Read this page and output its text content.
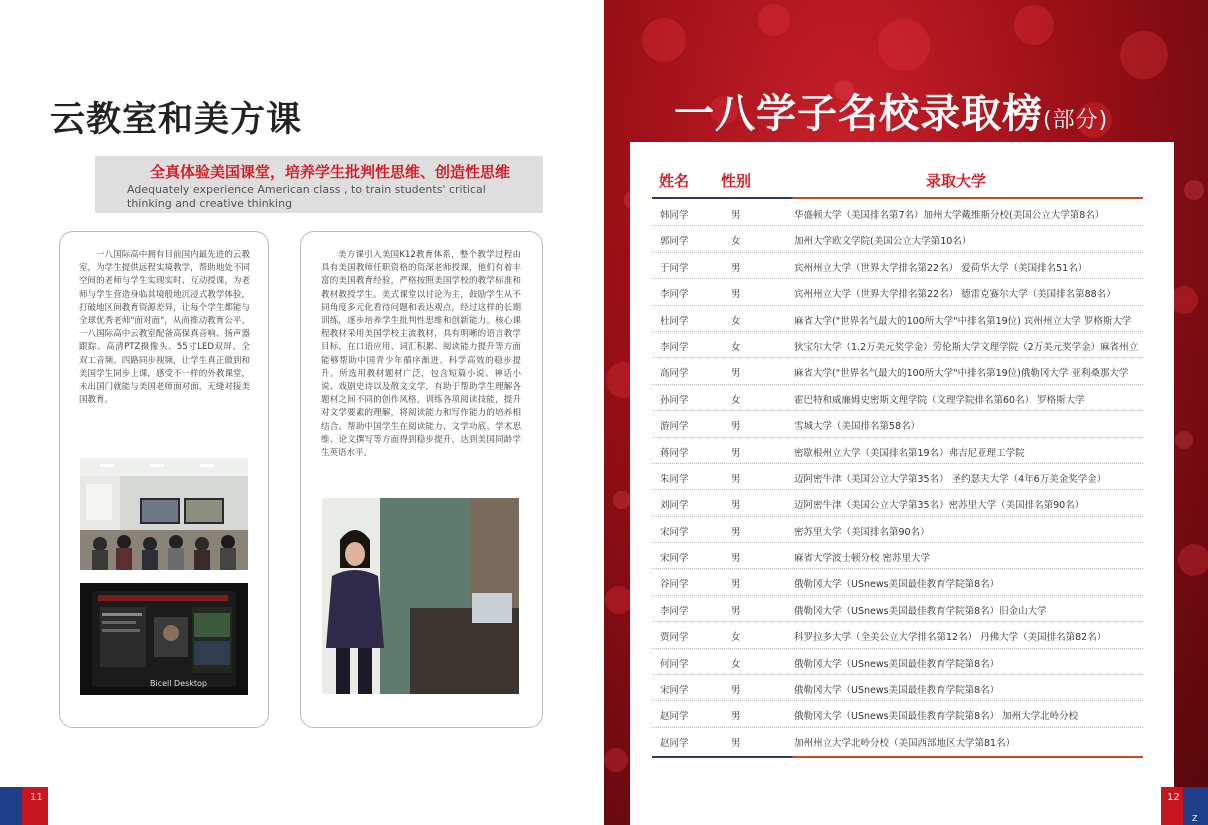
云教室和美方课
全真体验美国课堂，培养学生批判性思维、创造性思维
Adequately experience American class , to train students' critical thinking and creative thinking

一八国际高中拥有目前国内最先进的云教室，为学生提供远程实境教学，帮助地处不同空间的老师与学生实现实时、互动授课，为老师与学生营造身临其境般地沉浸式教学体验，打破地区间教育资源差异，让每个学生都能与全球优秀老师"面对面"，从而推动教育公平。一八国际高中云教室配备高保真音响、扬声器跟踪、高清PTZ摄像头、55寸LED双屏、全双工音频、四路同步视频，让学生真正做到和美国学生同步上课，感受不一样的外教课堂，未出国门就能与美国老师面对面，无缝对接美国教育。

美方课引入美国K12教育体系，整个教学过程由具有美国教师任职资格的资深老师授课，他们有着丰富的美国教育经验，严格按照美国学校的教学标准和教材教授学生。美式课堂以讨论为主，鼓励学生从不同角度多元化看待问题和表达观点，经过这样的长期训练，逐步培养学生批判性思维和创新能力。核心课程教材采用美国学校主流教材，具有明晰的语言教学目标，在口语应用、词汇积累、阅读能力提升等方面能够帮助中国青少年循序渐进、科学高效的稳步提升。所选用教材题材广泛，包含短篇小说、神话小说、戏剧史诗以及散文文学，有助于帮助学生理解各题材之间不同的创作风格，训练各项阅读技能，提升对文学要素的理解，将阅读能力和写作能力的培养相结合。帮助中国学生在阅读能力、文学功底、学术思维、论文撰写等方面得到稳步提升，达到美国同龄学生英语水平。

Bicell Desktop
11
一八学子名校录取榜(部分)
姓名 性别	录取大学
韩同学	男	华盛顿大学（美国排名第7名）加州大学戴维斯分校(美国公立大学第8名）
郭同学	女	加州大学欧文学院(美国公立大学第10名）
于同学	男	宾州州立大学（世界大学排名第22名） 爱荷华大学（美国排名51名）
李同学	男	宾州州立大学（世界大学排名第22名） 德雷克赛尔大学（美国排名第88名）
杜同学	女	麻省大学("世界名气最大的100所大学"中排名第19位) 宾州州立大学 罗格斯大学
李同学	女	狄宝尔大学（1.2万美元奖学金）劳伦斯大学文理学院（2万美元奖学金）麻省州立
高同学	男	麻省大学("世界名气最大的100所大学"中排名第19位)俄勒冈大学 亚利桑那大学
孙同学	女	霍巴特和威廉姆史密斯文理学院（文理学院排名第60名） 罗格斯大学
游同学	男	雪城大学（美国排名第58名）
蒋同学	男	密歇根州立大学（美国排名第19名）弗吉尼亚理工学院
朱同学	男	迈阿密牛津（美国公立大学第35名） 圣约瑟夫大学（4年6万美金奖学金）
刘同学	男	迈阿密牛津（美国公立大学第35名）密苏里大学（美国排名第90名）
宋同学	男	密苏里大学（美国排名第90名）
宋同学	男	麻省大学波士顿分校 密苏里大学
谷同学	男	俄勒冈大学（USnews美国最佳教育学院第8名）
李同学	男	俄勒冈大学（USnews美国最佳教育学院第8名）旧金山大学
贾同学	女	科罗拉多大学（全美公立大学排名第12名） 丹佛大学（美国排名第82名）
何同学	女	俄勒冈大学（USnews美国最佳教育学院第8名）
宋同学	男	俄勒冈大学（USnews美国最佳教育学院第8名）
赵同学	男	俄勒冈大学（USnews美国最佳教育学院第8名） 加州大学北岭分校
赵同学	男	加州州立大学北岭分校（美国西部地区大学第81名）
12
Z
